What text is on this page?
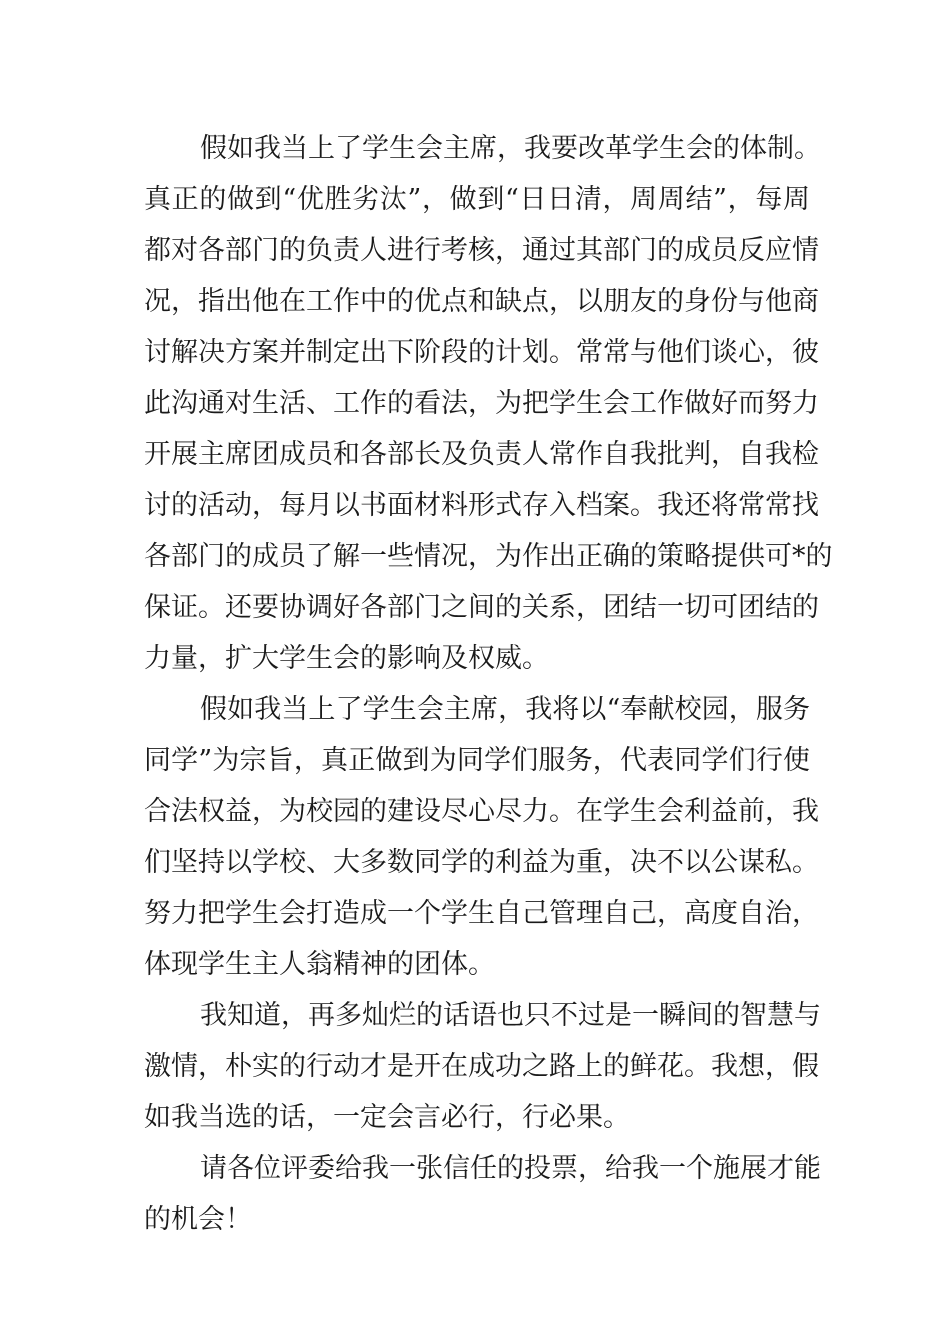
假如我当上了学生会主席，我要改革学生会的体制。
真正的做到“优胜劣汰”，做到“日日清，周周结”，每周
都对各部门的负责人进行考核，通过其部门的成员反应情
况，指出他在工作中的优点和缺点，以朋友的身份与他商
讨解决方案并制定出下阶段的计划。常常与他们谈心，彼
此沟通对生活、工作的看法，为把学生会工作做好而努力
开展主席团成员和各部长及负责人常作自我批判，自我检
讨的活动，每月以书面材料形式存入档案。我还将常常找
各部门的成员了解一些情况，为作出正确的策略提供可*的
保证。还要协调好各部门之间的关系，团结一切可团结的
力量，扩大学生会的影响及权威。
假如我当上了学生会主席，我将以“奉献校园，服务
同学”为宗旨，真正做到为同学们服务，代表同学们行使
合法权益，为校园的建设尽心尽力。在学生会利益前，我
们坚持以学校、大多数同学的利益为重，决不以公谋私。
努力把学生会打造成一个学生自己管理自己，高度自治，
体现学生主人翁精神的团体。
我知道，再多灿烂的话语也只不过是一瞬间的智慧与
激情，朴实的行动才是开在成功之路上的鲜花。我想，假
如我当选的话，一定会言必行，行必果。
请各位评委给我一张信任的投票，给我一个施展才能
的机会！
